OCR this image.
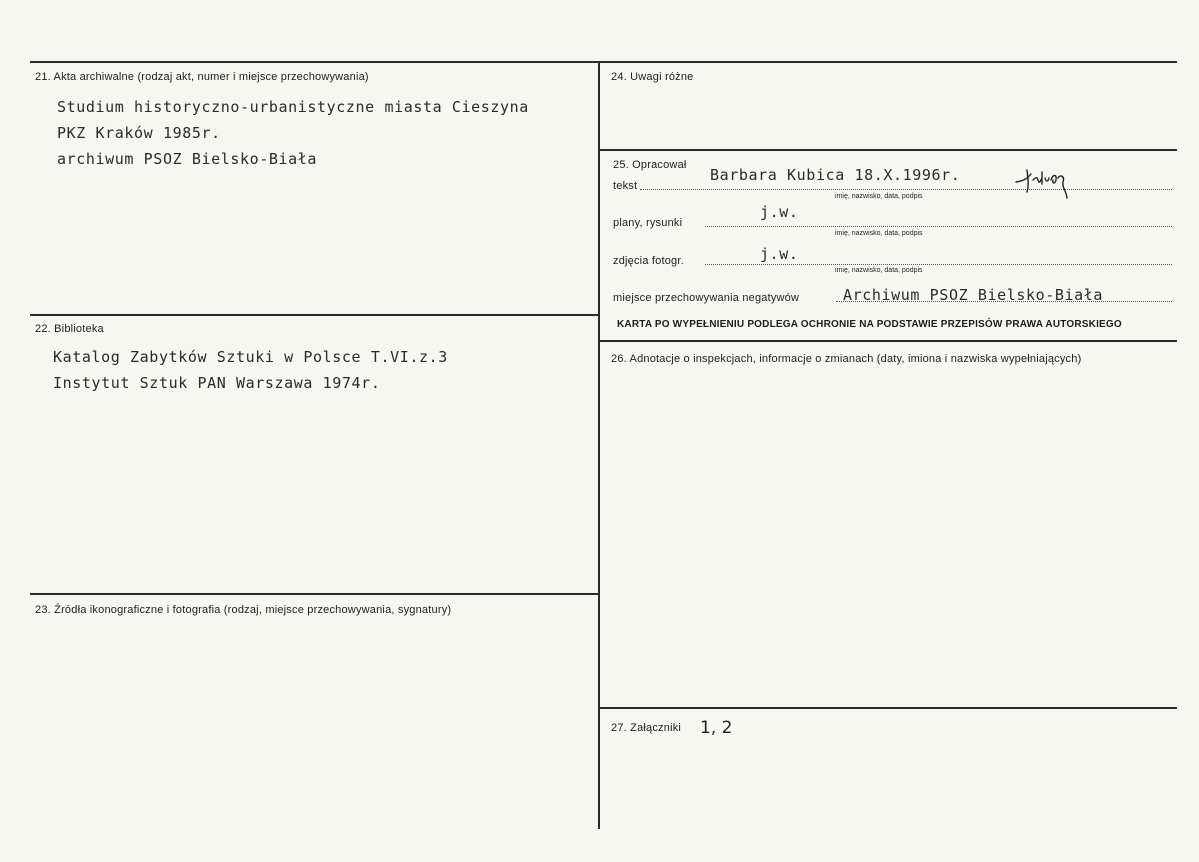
21. Akta archiwalne (rodzaj akt, numer i miejsce przechowywania)
Studium historyczno-urbanistyczne miasta Cieszyna
PKZ Kraków 1985r.
archiwum PSOZ Bielsko-Biała
22. Biblioteka
Katalog Zabytków Sztuki w Polsce T.VI.z.3
Instytut Sztuk PAN Warszawa 1974r.
23. Źródła ikonograficzne i fotografia (rodzaj, miejsce przechowywania, sygnatury)
24. Uwagi różne
25. Opracował
tekst
Barbara Kubica 18.X.1996r.
imię, nazwisko, data, podpis
plany, rysunki
j.w.
imię, nazwisko, data, podpis
zdjęcia fotogr.	j.w.
imię, nazwisko, data, podpis
miejsce przechowywania negatywów	Archiwum PSOZ Bielsko-Biała
KARTA PO WYPEŁNIENIU PODLEGA OCHRONIE NA PODSTAWIE PRZEPISÓW PRAWA AUTORSKIEGO
26. Adnotacje o inspekcjach, informacje o zmianach (daty, imiona i nazwiska wypełniających)
27. Załączniki 1, 2
